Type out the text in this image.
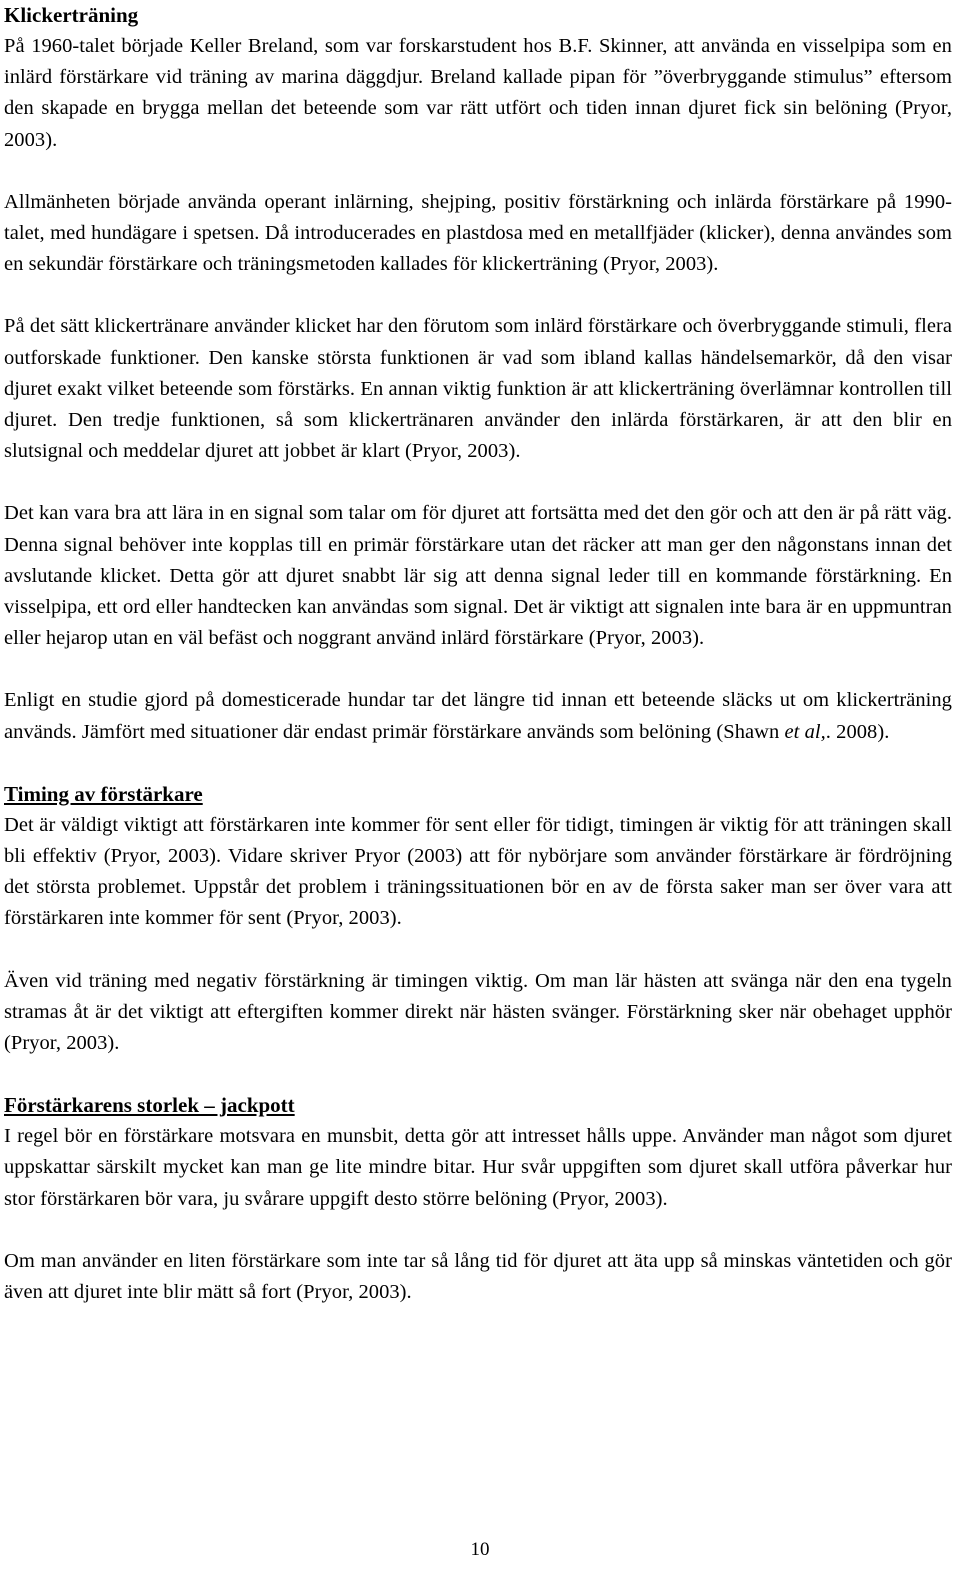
Klickerträning

På 1960-talet började Keller Breland, som var forskarstudent hos B.F. Skinner, att använda en visselpipa som en inlärd förstärkare vid träning av marina däggdjur. Breland kallade pipan för ”överbryggande stimulus” eftersom den skapade en brygga mellan det beteende som var rätt utfört och tiden innan djuret fick sin belöning (Pryor, 2003).

Allmänheten började använda operant inlärning, shejping, positiv förstärkning och inlärda förstärkare på 1990-talet, med hundägare i spetsen. Då introducerades en plastdosa med en metallfjäder (klicker), denna användes som en sekundär förstärkare och träningsmetoden kallades för klickerträning (Pryor, 2003).

På det sätt klickertränare använder klicket har den förutom som inlärd förstärkare och överbryggande stimuli, flera outforskade funktioner. Den kanske största funktionen är vad som ibland kallas händelsemarkör, då den visar djuret exakt vilket beteende som förstärks. En annan viktig funktion är att klickerträning överlämnar kontrollen till djuret. Den tredje funktionen, så som klickertränaren använder den inlärda förstärkaren, är att den blir en slutsignal och meddelar djuret att jobbet är klart (Pryor, 2003).

Det kan vara bra att lära in en signal som talar om för djuret att fortsätta med det den gör och att den är på rätt väg. Denna signal behöver inte kopplas till en primär förstärkare utan det räcker att man ger den någonstans innan det avslutande klicket. Detta gör att djuret snabbt lär sig att denna signal leder till en kommande förstärkning. En visselpipa, ett ord eller handtecken kan användas som signal. Det är viktigt att signalen inte bara är en uppmuntran eller hejarop utan en väl befäst och noggrant använd inlärd förstärkare (Pryor, 2003).

Enligt en studie gjord på domesticerade hundar tar det längre tid innan ett beteende släcks ut om klickerträning används. Jämfört med situationer där endast primär förstärkare används som belöning (Shawn et al,. 2008).

Timing av förstärkare

Det är väldigt viktigt att förstärkaren inte kommer för sent eller för tidigt, timingen är viktig för att träningen skall bli effektiv (Pryor, 2003). Vidare skriver Pryor (2003) att för nybörjare som använder förstärkare är fördröjning det största problemet. Uppstår det problem i träningssituationen bör en av de första saker man ser över vara att förstärkaren inte kommer för sent (Pryor, 2003).

Även vid träning med negativ förstärkning är timingen viktig. Om man lär hästen att svänga när den ena tygeln stramas åt är det viktigt att eftergiften kommer direkt när hästen svänger. Förstärkning sker när obehaget upphör (Pryor, 2003).

Förstärkarens storlek – jackpott

I regel bör en förstärkare motsvara en munsbit, detta gör att intresset hålls uppe. Använder man något som djuret uppskattar särskilt mycket kan man ge lite mindre bitar. Hur svår uppgiften som djuret skall utföra påverkar hur stor förstärkaren bör vara, ju svårare uppgift desto större belöning (Pryor, 2003).

Om man använder en liten förstärkare som inte tar så lång tid för djuret att äta upp så minskas väntetiden och gör även att djuret inte blir mätt så fort (Pryor, 2003).

10
